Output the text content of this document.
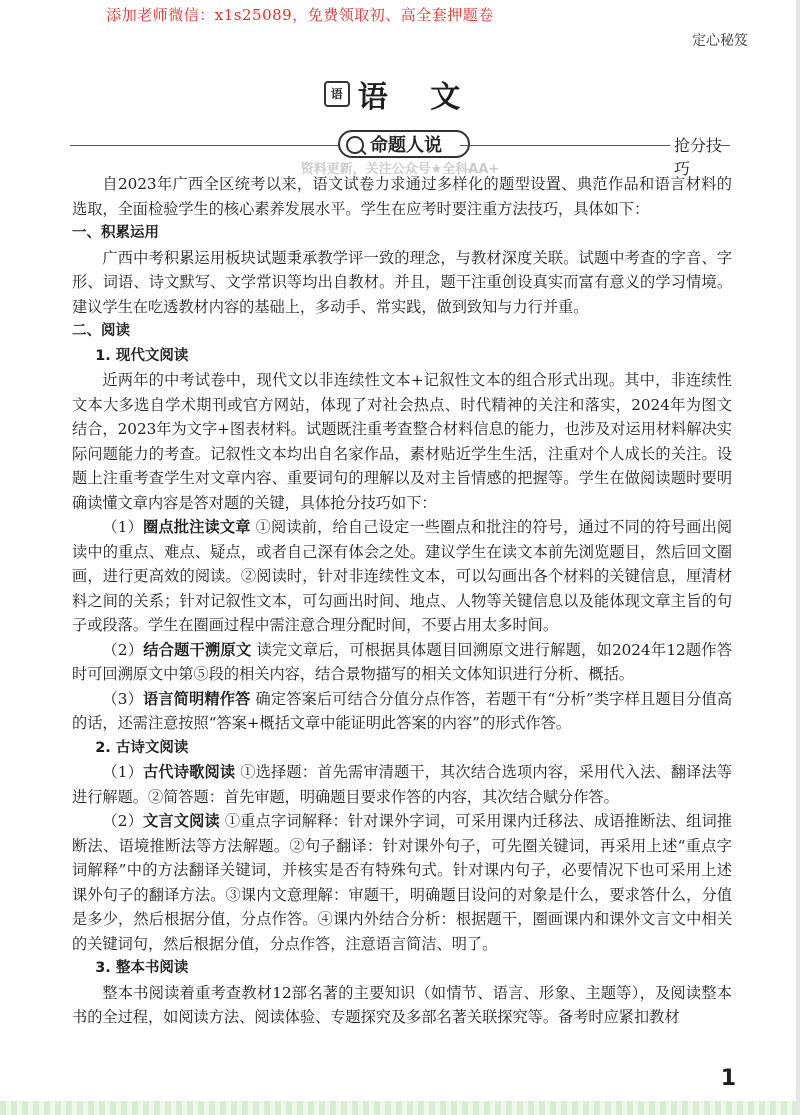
添加老师微信：x1s25089，免费领取初、高全套押题卷
定心秘笈
语 语 文
命题人说	抢分技巧
资料更新，关注公众号★全科AA+

自2023年广西全区统考以来，语文试卷力求通过多样化的题型设置、典范作品和语言材料的选取，全面检验学生的核心素养发展水平。学生在应考时要注重方法技巧，具体如下：

一、积累运用

广西中考积累运用板块试题秉承教学评一致的理念，与教材深度关联。试题中考查的字音、字形、词语、诗文默写、文学常识等均出自教材。并且，题干注重创设真实而富有意义的学习情境。建议学生在吃透教材内容的基础上，多动手、常实践，做到致知与力行并重。

二、阅读

1. 现代文阅读

近两年的中考试卷中，现代文以非连续性文本+记叙性文本的组合形式出现。其中，非连续性文本大多选自学术期刊或官方网站，体现了对社会热点、时代精神的关注和落实，2024年为图文结合，2023年为文字+图表材料。试题既注重考查整合材料信息的能力，也涉及对运用材料解决实际问题能力的考查。记叙性文本均出自名家作品，素材贴近学生生活，注重对个人成长的关注。设题上注重考查学生对文章内容、重要词句的理解以及对主旨情感的把握等。学生在做阅读题时要明确读懂文章内容是答对题的关键，具体抢分技巧如下：

（1）圈点批注读文章 ①阅读前，给自己设定一些圈点和批注的符号，通过不同的符号画出阅读中的重点、难点、疑点，或者自己深有体会之处。建议学生在读文本前先浏览题目，然后回文圈画，进行更高效的阅读。②阅读时，针对非连续性文本，可以勾画出各个材料的关键信息，厘清材料之间的关系；针对记叙性文本，可勾画出时间、地点、人物等关键信息以及能体现文章主旨的句子或段落。学生在圈画过程中需注意合理分配时间，不要占用太多时间。

（2）结合题干溯原文 读完文章后，可根据具体题目回溯原文进行解题，如2024年12题作答时可回溯原文中第⑤段的相关内容，结合景物描写的相关文体知识进行分析、概括。

（3）语言简明精作答 确定答案后可结合分值分点作答，若题干有“分析”类字样且题目分值高的话，还需注意按照“答案+概括文章中能证明此答案的内容”的形式作答。

2. 古诗文阅读

（1）古代诗歌阅读 ①选择题：首先需审清题干，其次结合选项内容，采用代入法、翻译法等进行解题。②简答题：首先审题，明确题目要求作答的内容，其次结合赋分作答。

（2）文言文阅读 ①重点字词解释：针对课外字词，可采用课内迁移法、成语推断法、组词推断法、语境推断法等方法解题。②句子翻译：针对课外句子，可先圈关键词，再采用上述“重点字词解释”中的方法翻译关键词，并核实是否有特殊句式。针对课内句子，必要情况下也可采用上述课外句子的翻译方法。③课内文意理解：审题干，明确题目设问的对象是什么，要求答什么，分值是多少，然后根据分值，分点作答。④课内外结合分析：根据题干，圈画课内和课外文言文中相关的关键词句，然后根据分值，分点作答，注意语言简洁、明了。

3. 整本书阅读

整本书阅读着重考查教材12部名著的主要知识（如情节、语言、形象、主题等），及阅读整本书的全过程，如阅读方法、阅读体验、专题探究及多部名著关联探究等。备考时应紧扣教材

1
